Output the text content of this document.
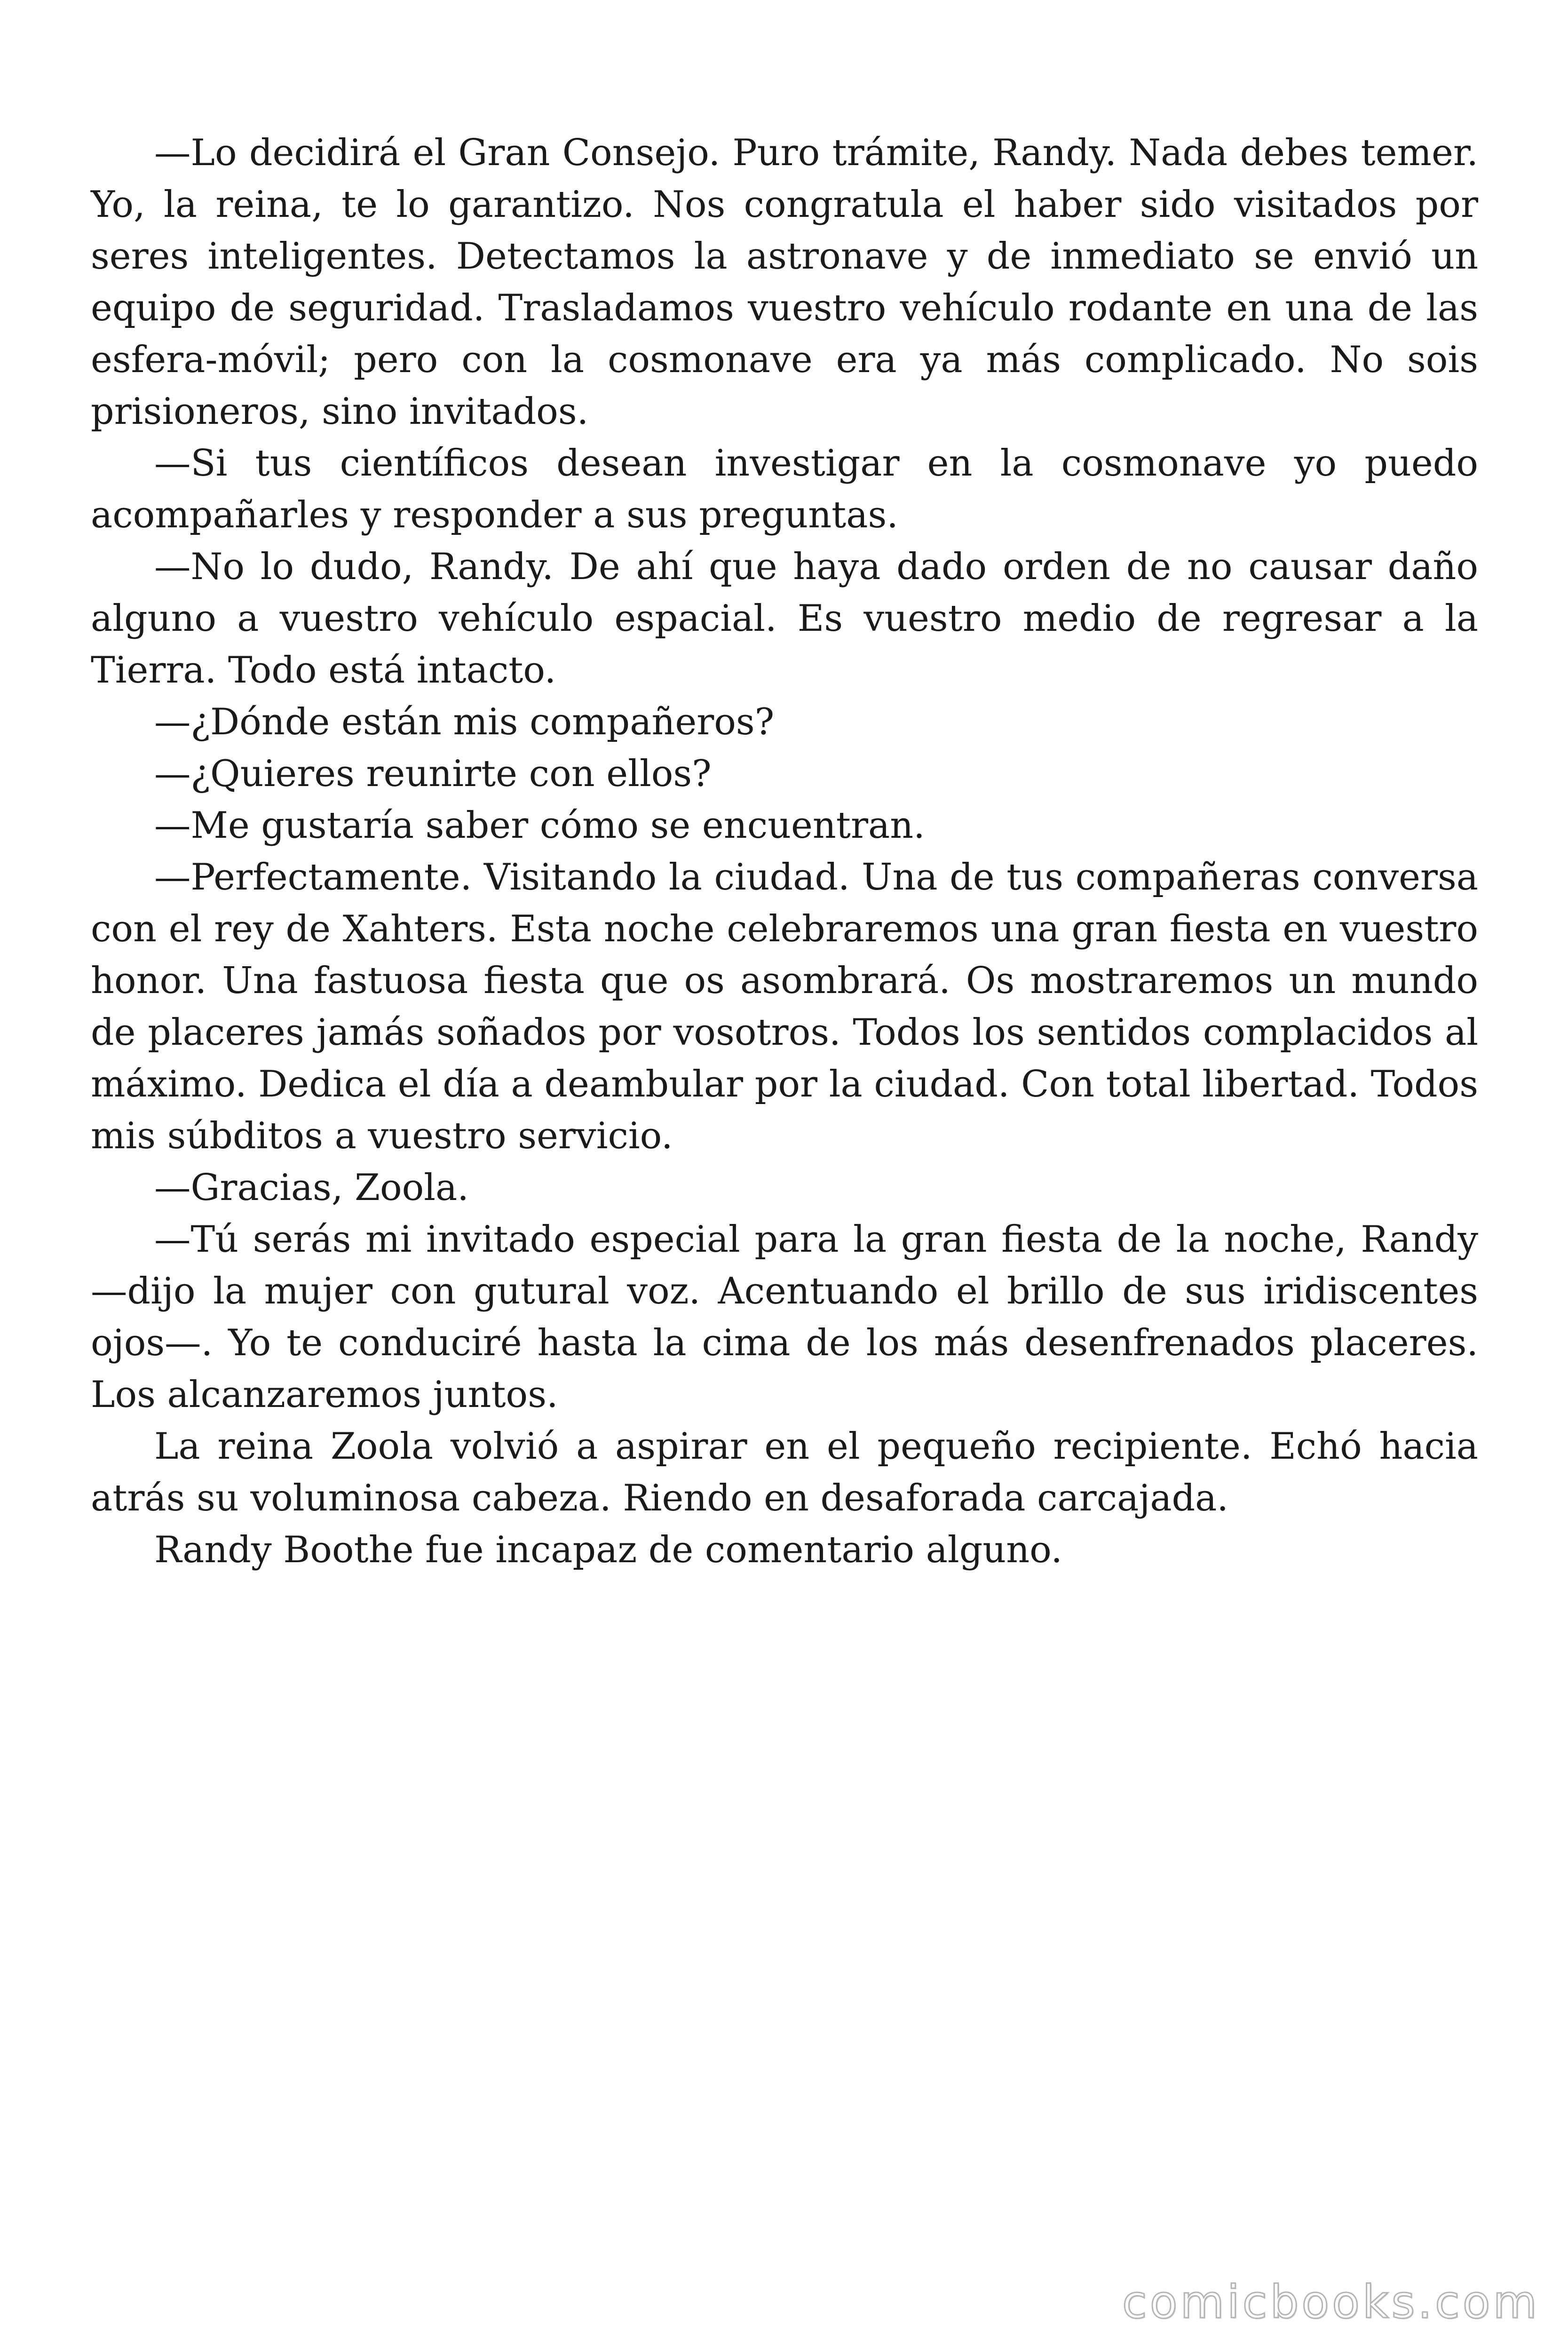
—Lo decidirá el Gran Consejo. Puro trámite, Randy. Nada debes temer. Yo, la reina, te lo garantizo. Nos congratula el haber sido visitados por seres inteligentes. Detectamos la astronave y de inmediato se envió un equipo de seguridad. Trasladamos vuestro vehículo rodante en una de las esfera-móvil; pero con la cosmonave era ya más complicado. No sois prisioneros, sino invitados.

—Si tus científicos desean investigar en la cosmonave yo puedo acompañarles y responder a sus preguntas.

—No lo dudo, Randy. De ahí que haya dado orden de no causar daño alguno a vuestro vehículo espacial. Es vuestro medio de regresar a la Tierra. Todo está intacto.

—¿Dónde están mis compañeros?

—¿Quieres reunirte con ellos?

—Me gustaría saber cómo se encuentran.

—Perfectamente. Visitando la ciudad. Una de tus compañeras conversa con el rey de Xahters. Esta noche celebraremos una gran fiesta en vuestro honor. Una fastuosa fiesta que os asombrará. Os mostraremos un mundo de placeres jamás soñados por vosotros. Todos los sentidos complacidos al máximo. Dedica el día a deambular por la ciudad. Con total libertad. Todos mis súbditos a vuestro servicio.

—Gracias, Zoola.

—Tú serás mi invitado especial para la gran fiesta de la noche, Randy —dijo la mujer con gutural voz. Acentuando el brillo de sus iridiscentes ojos—. Yo te conduciré hasta la cima de los más desenfrenados placeres. Los alcanzaremos juntos.

La reina Zoola volvió a aspirar en el pequeño recipiente. Echó hacia atrás su voluminosa cabeza. Riendo en desaforada carcajada.

Randy Boothe fue incapaz de comentario alguno.

comicbooks.com
